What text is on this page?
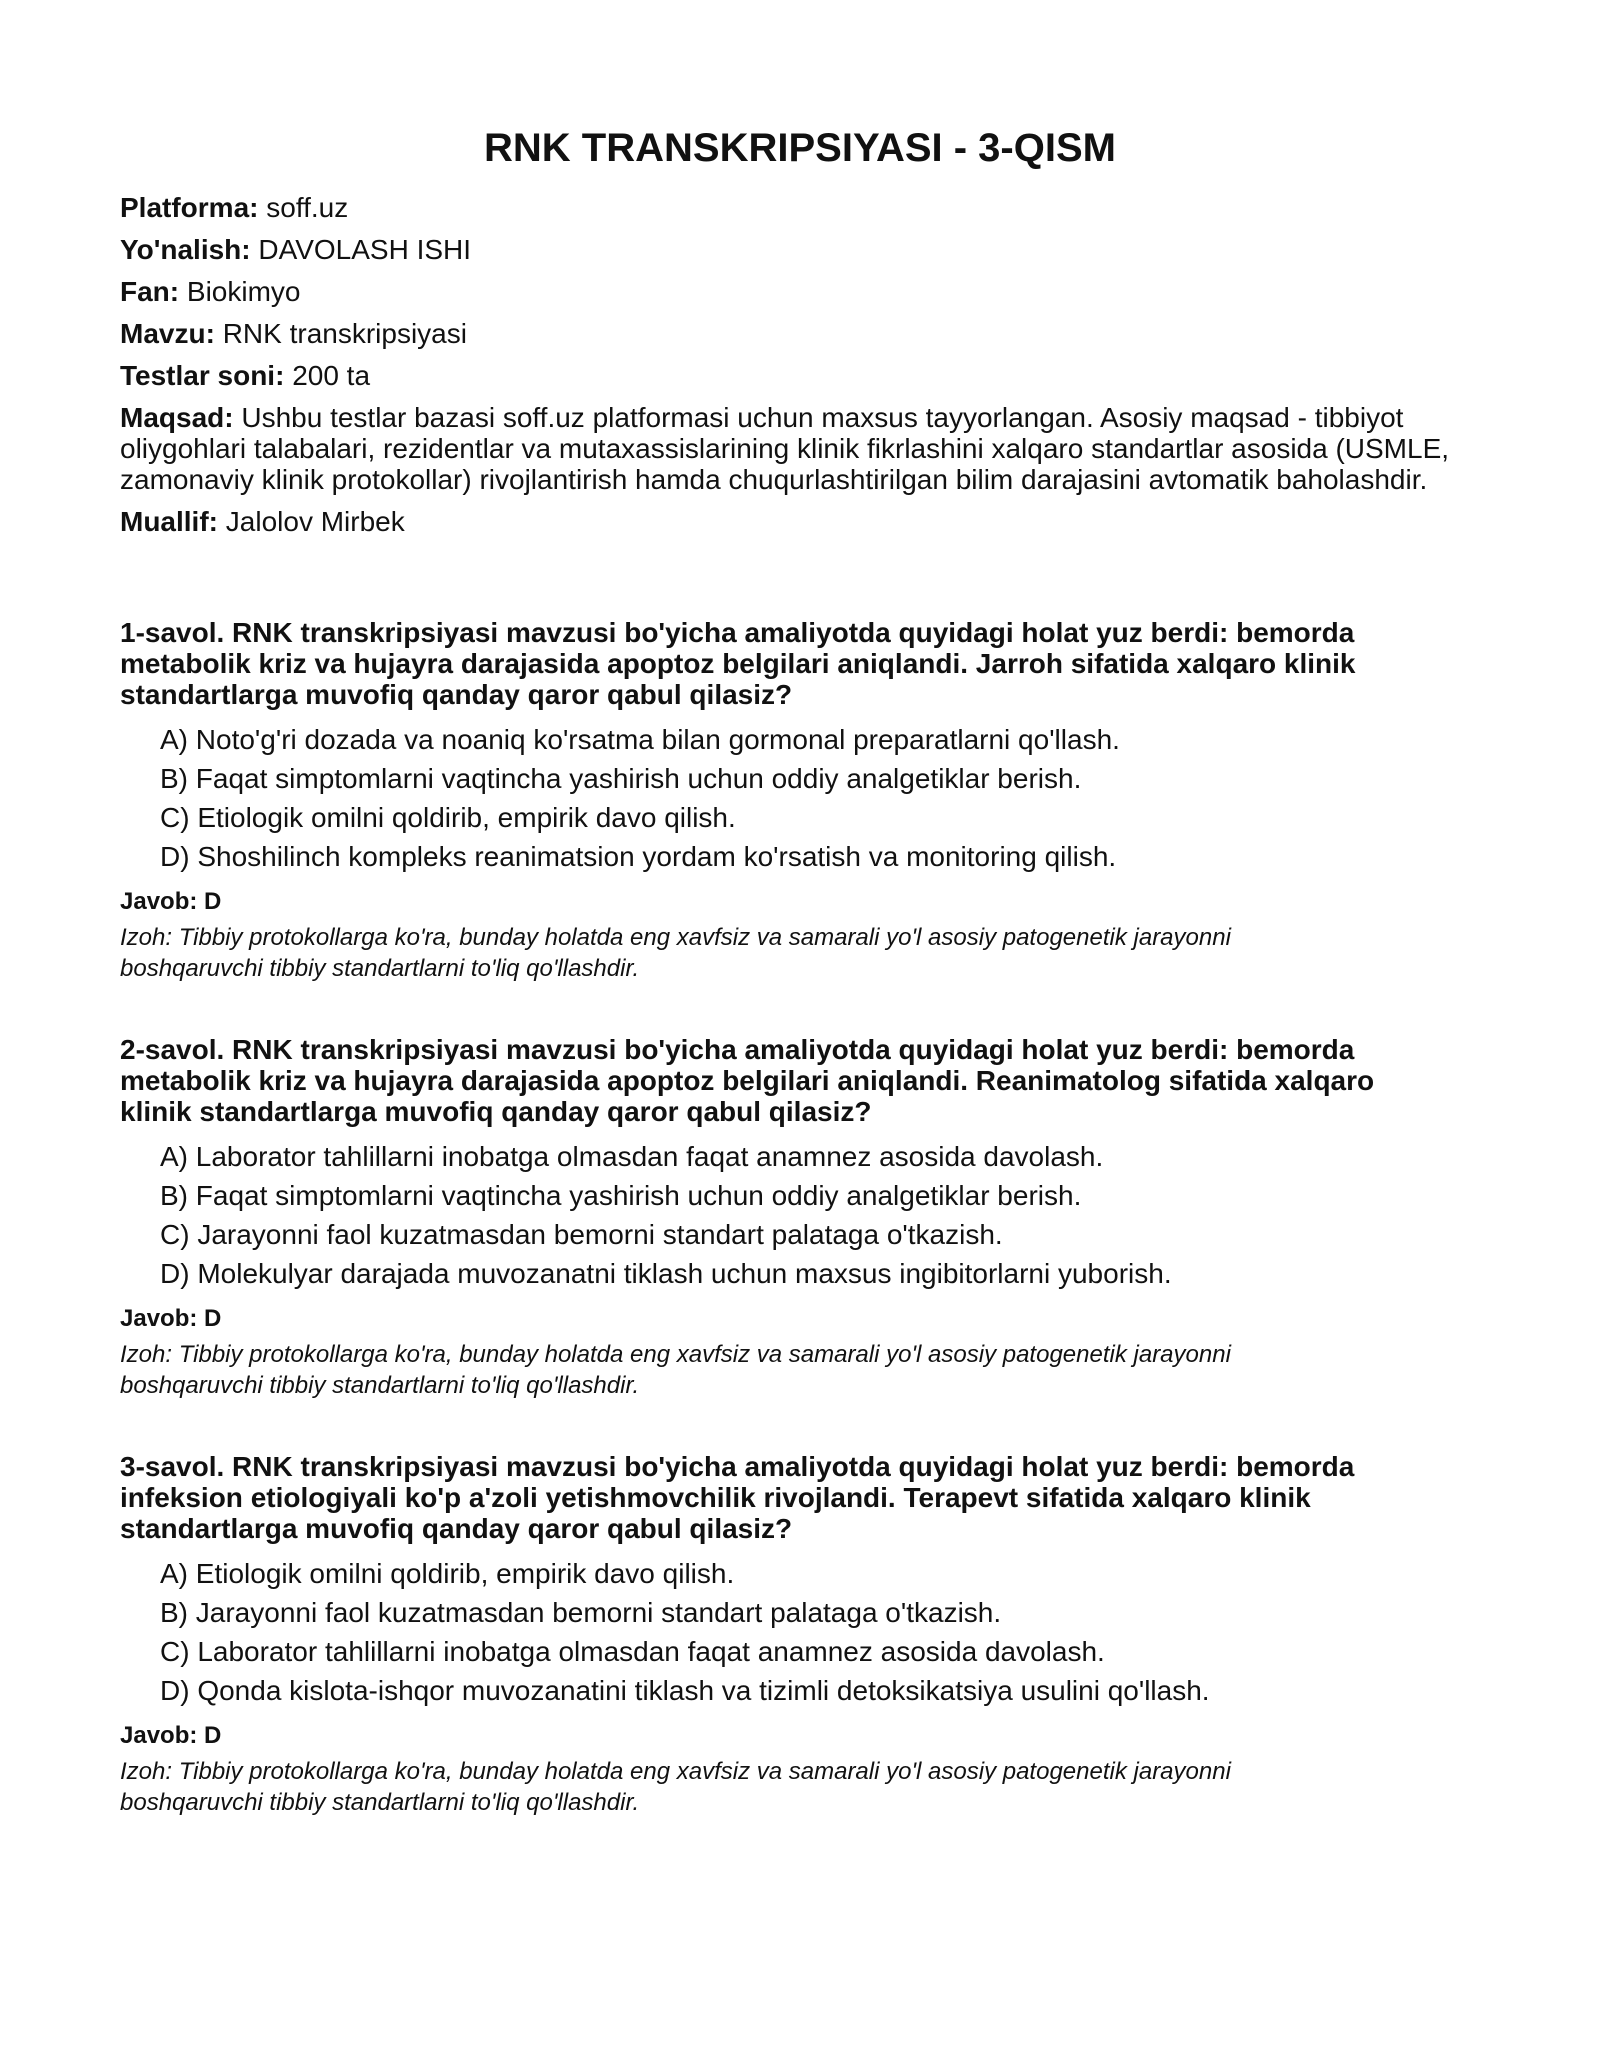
RNK TRANSKRIPSIYASI - 3-QISM
Platforma: soff.uz
Yo'nalish: DAVOLASH ISHI
Fan: Biokimyo
Mavzu: RNK transkripsiyasi
Testlar soni: 200 ta
Maqsad: Ushbu testlar bazasi soff.uz platformasi uchun maxsus tayyorlangan. Asosiy maqsad - tibbiyot oliygohlari talabalari, rezidentlar va mutaxassislarining klinik fikrlashini xalqaro standartlar asosida (USMLE, zamonaviy klinik protokollar) rivojlantirish hamda chuqurlashtirilgan bilim darajasini avtomatik baholashdir.
Muallif: Jalolov Mirbek
1-savol. RNK transkripsiyasi mavzusi bo'yicha amaliyotda quyidagi holat yuz berdi: bemorda metabolik kriz va hujayra darajasida apoptoz belgilari aniqlandi. Jarroh sifatida xalqaro klinik standartlarga muvofiq qanday qaror qabul qilasiz?
A) Noto'g'ri dozada va noaniq ko'rsatma bilan gormonal preparatlarni qo'llash.
B) Faqat simptomlarni vaqtincha yashirish uchun oddiy analgetiklar berish.
C) Etiologik omilni qoldirib, empirik davo qilish.
D) Shoshilinch kompleks reanimatsion yordam ko'rsatish va monitoring qilish.
Javob: D
Izoh: Tibbiy protokollarga ko'ra, bunday holatda eng xavfsiz va samarali yo'l asosiy patogenetik jarayonni boshqaruvchi tibbiy standartlarni to'liq qo'llashdir.
2-savol. RNK transkripsiyasi mavzusi bo'yicha amaliyotda quyidagi holat yuz berdi: bemorda metabolik kriz va hujayra darajasida apoptoz belgilari aniqlandi. Reanimatolog sifatida xalqaro klinik standartlarga muvofiq qanday qaror qabul qilasiz?
A) Laborator tahlillarni inobatga olmasdan faqat anamnez asosida davolash.
B) Faqat simptomlarni vaqtincha yashirish uchun oddiy analgetiklar berish.
C) Jarayonni faol kuzatmasdan bemorni standart palataga o'tkazish.
D) Molekulyar darajada muvozanatni tiklash uchun maxsus ingibitorlarni yuborish.
Javob: D
Izoh: Tibbiy protokollarga ko'ra, bunday holatda eng xavfsiz va samarali yo'l asosiy patogenetik jarayonni boshqaruvchi tibbiy standartlarni to'liq qo'llashdir.
3-savol. RNK transkripsiyasi mavzusi bo'yicha amaliyotda quyidagi holat yuz berdi: bemorda infeksion etiologiyali ko'p a'zoli yetishmovchilik rivojlandi. Terapevt sifatida xalqaro klinik standartlarga muvofiq qanday qaror qabul qilasiz?
A) Etiologik omilni qoldirib, empirik davo qilish.
B) Jarayonni faol kuzatmasdan bemorni standart palataga o'tkazish.
C) Laborator tahlillarni inobatga olmasdan faqat anamnez asosida davolash.
D) Qonda kislota-ishqor muvozanatini tiklash va tizimli detoksikatsiya usulini qo'llash.
Javob: D
Izoh: Tibbiy protokollarga ko'ra, bunday holatda eng xavfsiz va samarali yo'l asosiy patogenetik jarayonni boshqaruvchi tibbiy standartlarni to'liq qo'llashdir.
